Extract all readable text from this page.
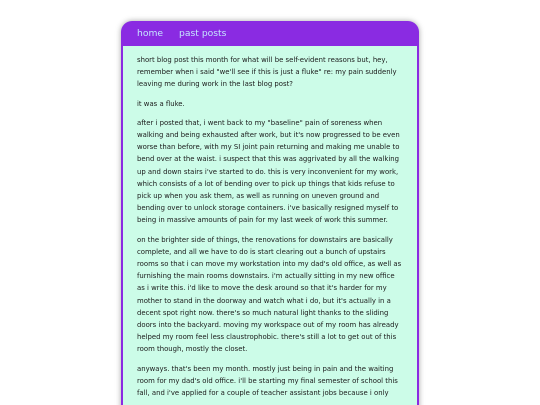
home past posts

short blog post this month for what will be self-evident reasons but, hey, remember when i said "we'll see if this is just a fluke" re: my pain suddenly leaving me during work in the last blog post?

it was a fluke.

after i posted that, i went back to my "baseline" pain of soreness when walking and being exhausted after work, but it's now progressed to be even worse than before, with my SI joint pain returning and making me unable to bend over at the waist. i suspect that this was aggrivated by all the walking up and down stairs i've started to do. this is very inconvenient for my work, which consists of a lot of bending over to pick up things that kids refuse to pick up when you ask them, as well as running on uneven ground and bending over to unlock storage containers. i've basically resigned myself to being in massive amounts of pain for my last week of work this summer.

on the brighter side of things, the renovations for downstairs are basically complete, and all we have to do is start clearing out a bunch of upstairs rooms so that i can move my workstation into my dad's old office, as well as furnishing the main rooms downstairs. i'm actually sitting in my new office as i write this. i'd like to move the desk around so that it's harder for my mother to stand in the doorway and watch what i do, but it's actually in a decent spot right now. there's so much natural light thanks to the sliding doors into the backyard. moving my workspace out of my room has already helped my room feel less claustrophobic. there's still a lot to get out of this room though, mostly the closet.

anyways. that's been my month. mostly just being in pain and the waiting room for my dad's old office. i'll be starting my final semester of school this fall, and i've applied for a couple of teacher assistant jobs because i only
